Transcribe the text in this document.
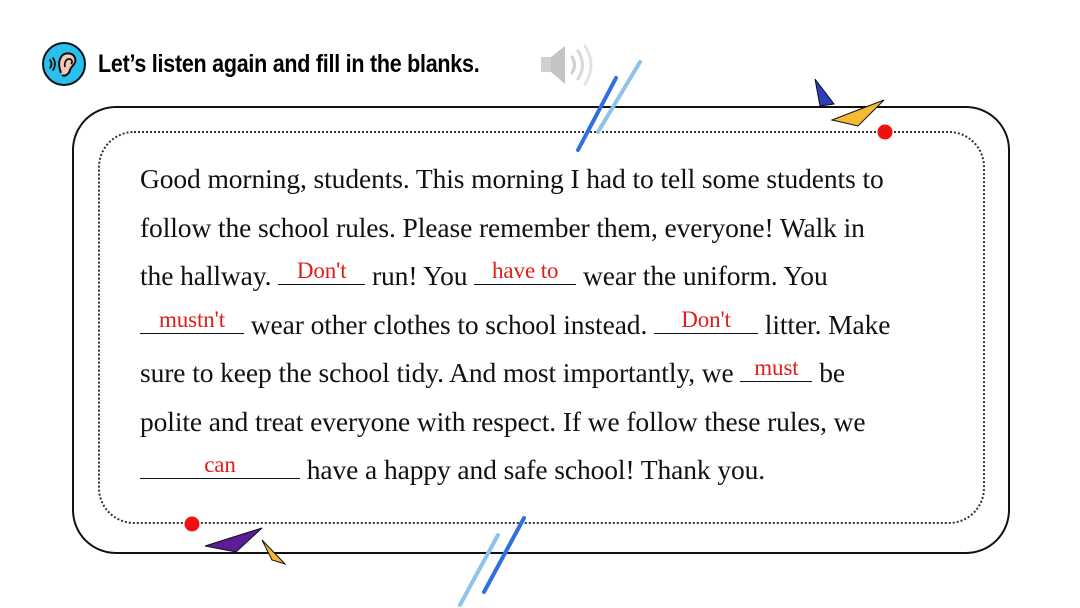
Let’s listen again and fill in the blanks.
Good morning, students. This morning I had to tell some students to
follow the school rules. Please remember them, everyone! Walk in
the hallway. Don't run! You have to wear the uniform. You
mustn't wear other clothes to school instead.	Don't litter. Make
sure to keep the school tidy. And most importantly, we must be
polite and treat everyone with respect. If we follow these rules, we
can	have a happy and safe school! Thank you.
